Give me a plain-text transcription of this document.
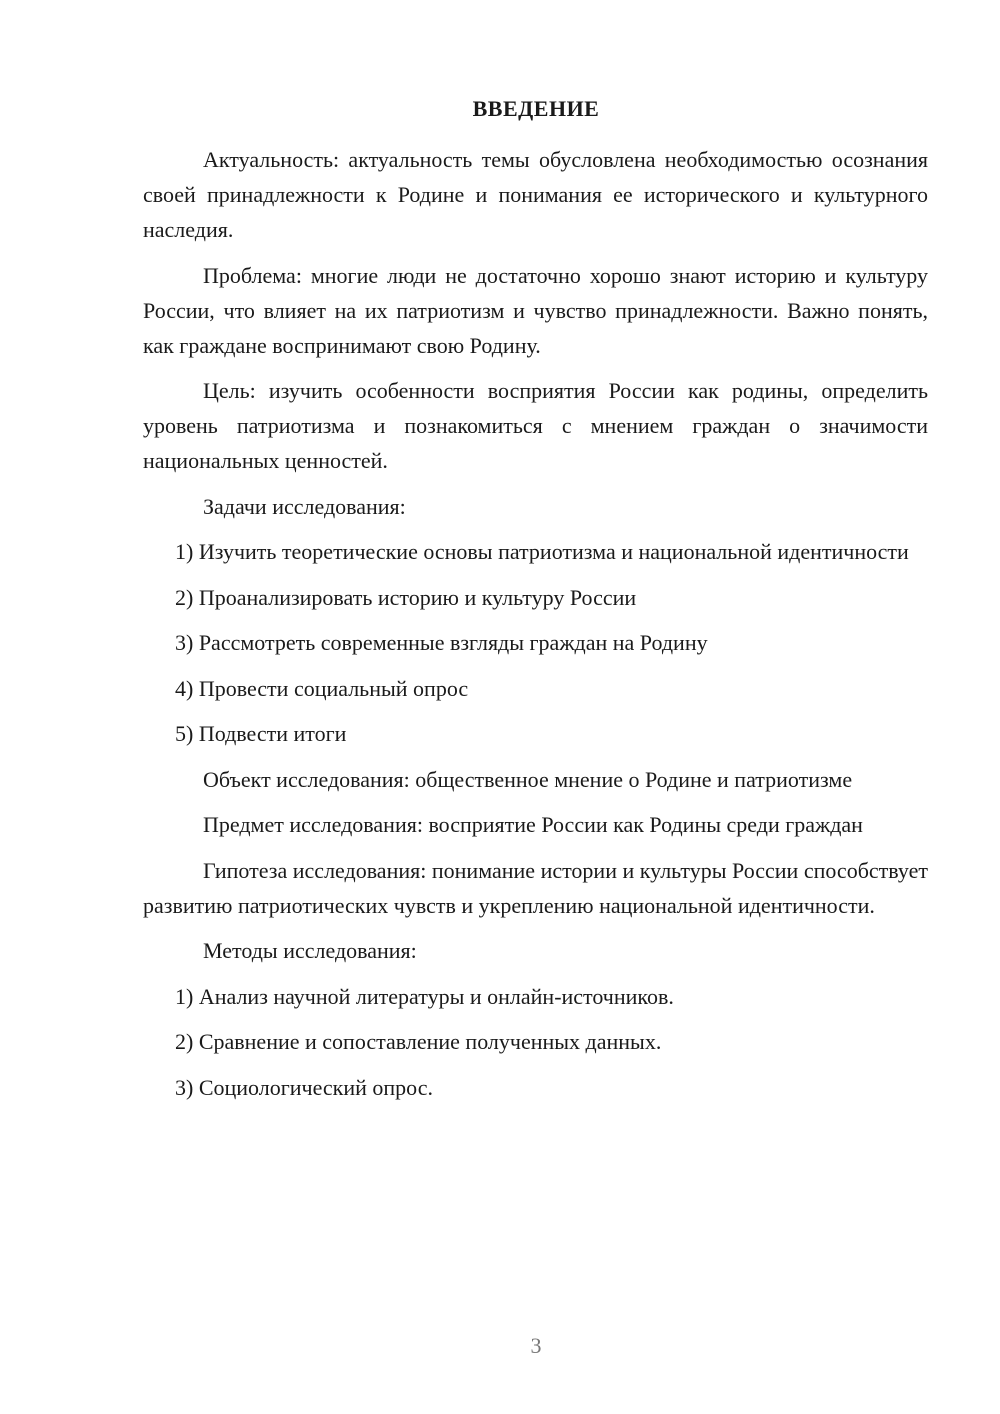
ВВЕДЕНИЕ
Актуальность: актуальность темы обусловлена необходимостью осознания своей принадлежности к Родине и понимания ее исторического и культурного наследия.
Проблема: многие люди не достаточно хорошо знают историю и культуру России, что влияет на их патриотизм и чувство принадлежности. Важно понять, как граждане воспринимают свою Родину.
Цель: изучить особенности восприятия России как родины, определить уровень патриотизма и познакомиться с мнением граждан о значимости национальных ценностей.
Задачи исследования:
1) Изучить теоретические основы патриотизма и национальной идентичности
2) Проанализировать историю и культуру России
3) Рассмотреть современные взгляды граждан на Родину
4) Провести социальный опрос
5) Подвести итоги
Объект исследования: общественное мнение о Родине и патриотизме
Предмет исследования: восприятие России как Родины среди граждан
Гипотеза исследования: понимание истории и культуры России способствует развитию патриотических чувств и укреплению национальной идентичности.
Методы исследования:
1) Анализ научной литературы и онлайн-источников.
2) Сравнение и сопоставление полученных данных.
3) Социологический опрос.
3
